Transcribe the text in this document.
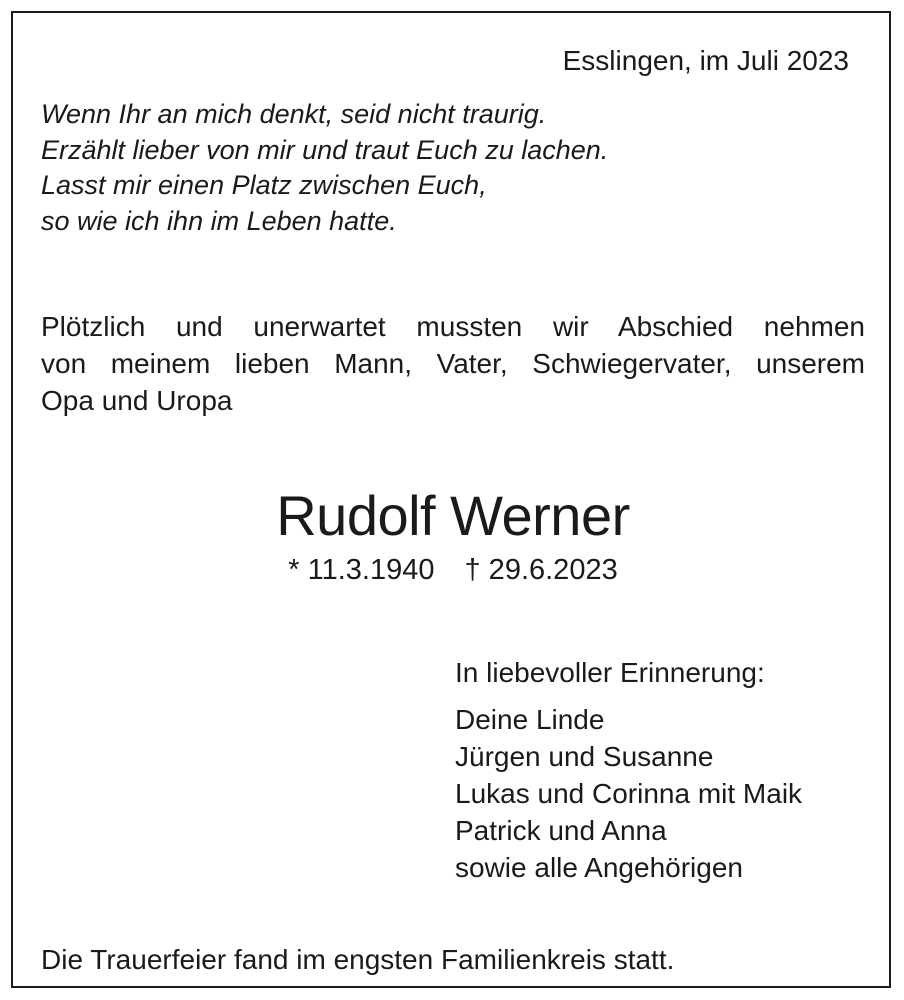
Esslingen, im Juli 2023
Wenn Ihr an mich denkt, seid nicht traurig.
Erzählt lieber von mir und traut Euch zu lachen.
Lasst mir einen Platz zwischen Euch,
so wie ich ihn im Leben hatte.
Plötzlich und unerwartet mussten wir Abschied nehmen
von meinem lieben Mann, Vater, Schwiegervater, unserem
Opa und Uropa
Rudolf Werner
* 11.3.1940 † 29.6.2023
In liebevoller Erinnerung:
Deine Linde
Jürgen und Susanne
Lukas und Corinna mit Maik
Patrick und Anna
sowie alle Angehörigen
Die Trauerfeier fand im engsten Familienkreis statt.
